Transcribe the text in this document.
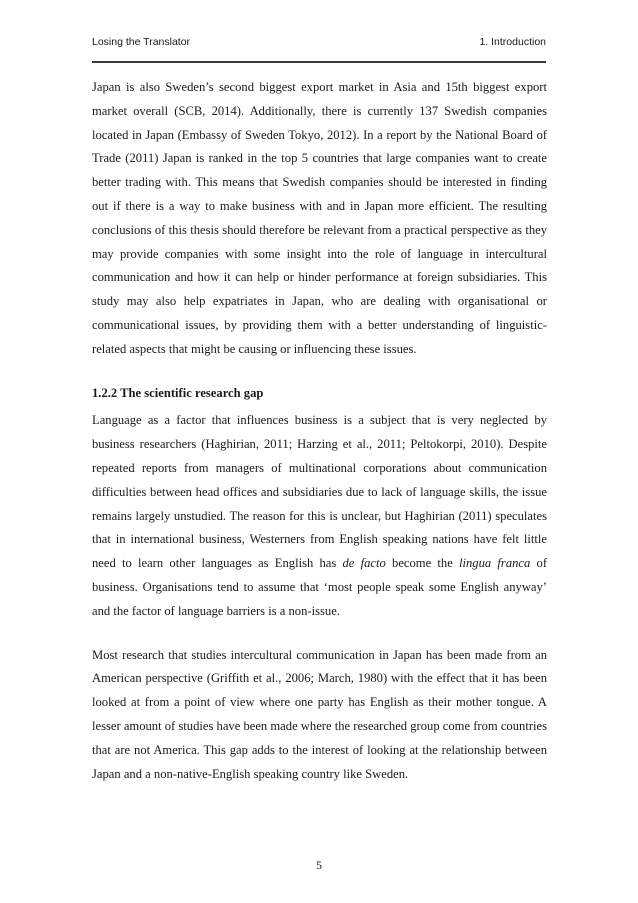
Losing the Translator	1. Introduction

Japan is also Sweden’s second biggest export market in Asia and 15th biggest export market overall (SCB, 2014). Additionally, there is currently 137 Swedish companies located in Japan (Embassy of Sweden Tokyo, 2012). In a report by the National Board of Trade (2011) Japan is ranked in the top 5 countries that large companies want to create better trading with. This means that Swedish companies should be interested in finding out if there is a way to make business with and in Japan more efficient. The resulting conclusions of this thesis should therefore be relevant from a practical perspective as they may provide companies with some insight into the role of language in intercultural communication and how it can help or hinder performance at foreign subsidiaries. This study may also help expatriates in Japan, who are dealing with organisational or communicational issues, by providing them with a better understanding of linguistic-related aspects that might be causing or influencing these issues.

1.2.2 The scientific research gap

Language as a factor that influences business is a subject that is very neglected by business researchers (Haghirian, 2011; Harzing et al., 2011; Peltokorpi, 2010). Despite repeated reports from managers of multinational corporations about communication difficulties between head offices and subsidiaries due to lack of language skills, the issue remains largely unstudied. The reason for this is unclear, but Haghirian (2011) speculates that in international business, Westerners from English speaking nations have felt little need to learn other languages as English has de facto become the lingua franca of business. Organisations tend to assume that ‘most people speak some English anyway’ and the factor of language barriers is a non-issue.

Most research that studies intercultural communication in Japan has been made from an American perspective (Griffith et al., 2006; March, 1980) with the effect that it has been looked at from a point of view where one party has English as their mother tongue. A lesser amount of studies have been made where the researched group come from countries that are not America. This gap adds to the interest of looking at the relationship between Japan and a non-native-English speaking country like Sweden.

5
